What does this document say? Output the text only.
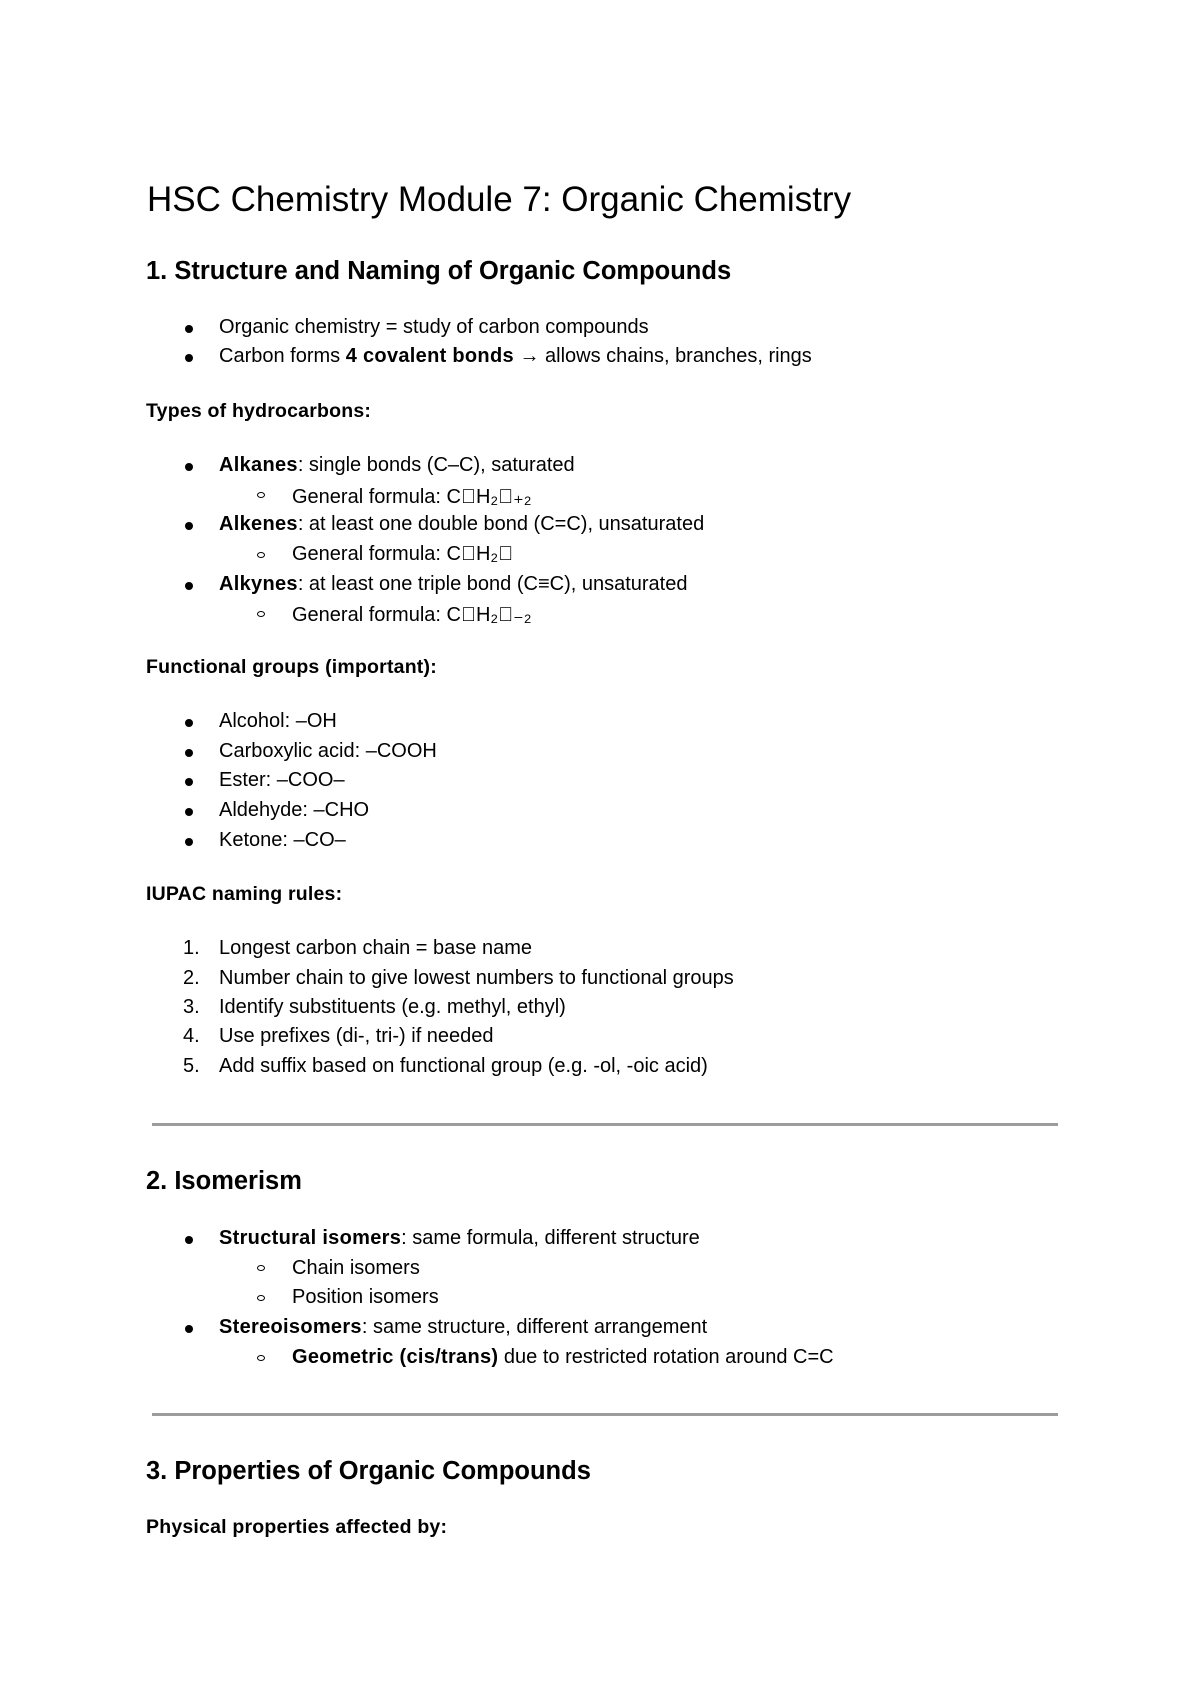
HSC Chemistry Module 7: Organic Chemistry
1. Structure and Naming of Organic Compounds
Organic chemistry = study of carbon compounds
Carbon forms 4 covalent bonds → allows chains, branches, rings
Types of hydrocarbons:
Alkanes: single bonds (C–C), saturated
General formula: C⃒H₂⃒₊₂
Alkenes: at least one double bond (C=C), unsaturated
General formula: C⃒H₂⃒
Alkynes: at least one triple bond (C≡C), unsaturated
General formula: C⃒H₂⃒₋₂
Functional groups (important):
Alcohol: –OH
Carboxylic acid: –COOH
Ester: –COO–
Aldehyde: –CHO
Ketone: –CO–
IUPAC naming rules:
1. Longest carbon chain = base name
2. Number chain to give lowest numbers to functional groups
3. Identify substituents (e.g. methyl, ethyl)
4. Use prefixes (di-, tri-) if needed
5. Add suffix based on functional group (e.g. -ol, -oic acid)
2. Isomerism
Structural isomers: same formula, different structure
Chain isomers
Position isomers
Stereoisomers: same structure, different arrangement
Geometric (cis/trans) due to restricted rotation around C=C
3. Properties of Organic Compounds
Physical properties affected by:
